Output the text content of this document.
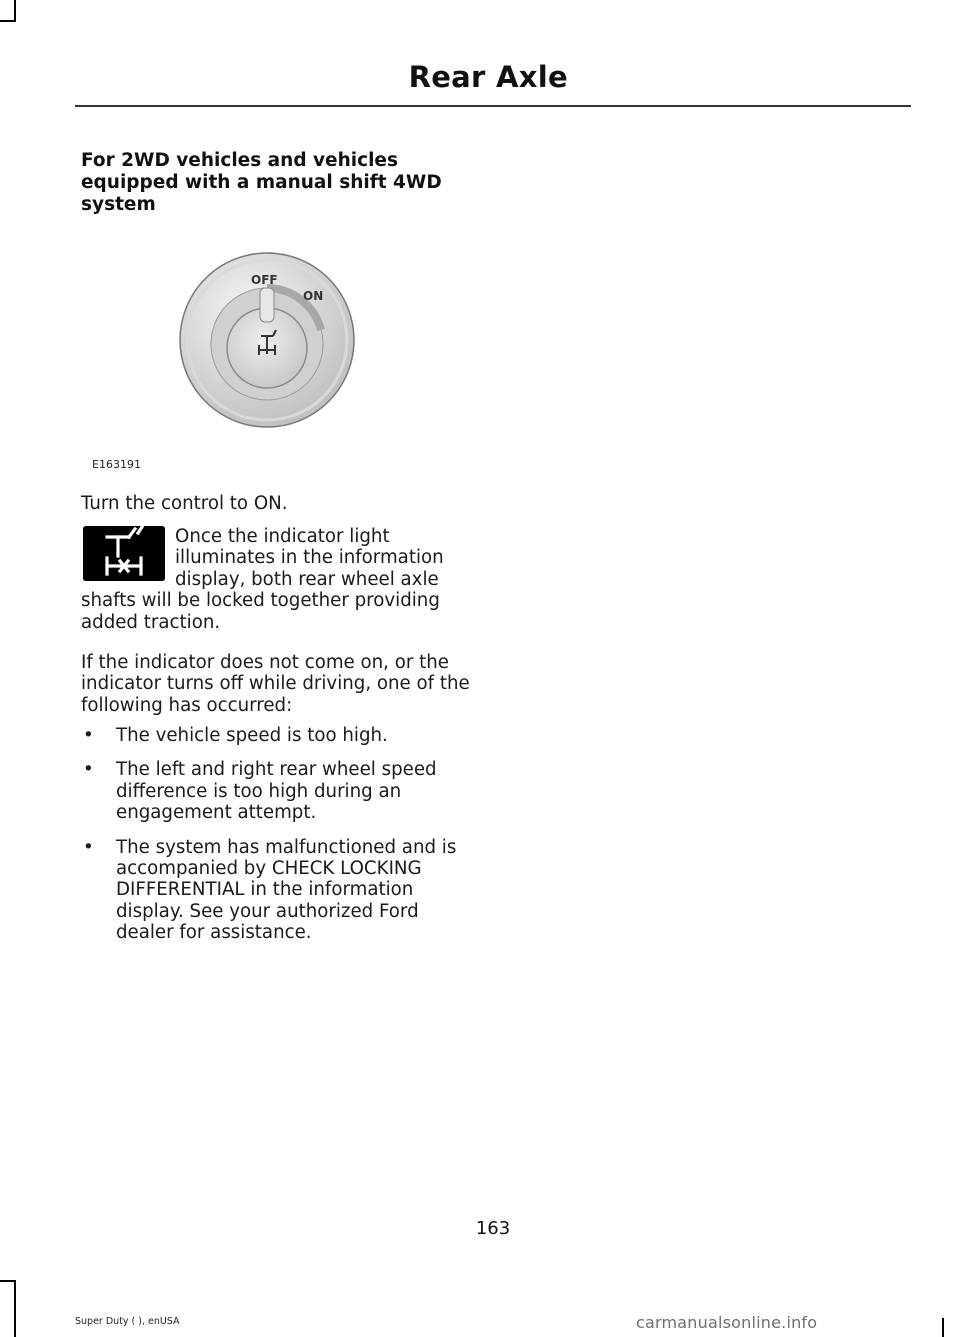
Rear Axle
For 2WD vehicles and vehicles equipped with a manual shift 4WD system
OFF
ON
E163191
Turn the control to ON.
Once the indicator light illuminates in the information display, both rear wheel axle shafts will be locked together providing added traction.
If the indicator does not come on, or the indicator turns off while driving, one of the following has occurred:
• The vehicle speed is too high.
• The left and right rear wheel speed difference is too high during an engagement attempt.
• The system has malfunctioned and is accompanied by CHECK LOCKING DIFFERENTIAL in the information display. See your authorized Ford dealer for assistance.
163
Super Duty ( ), enUSA	carmanualsonline.info
